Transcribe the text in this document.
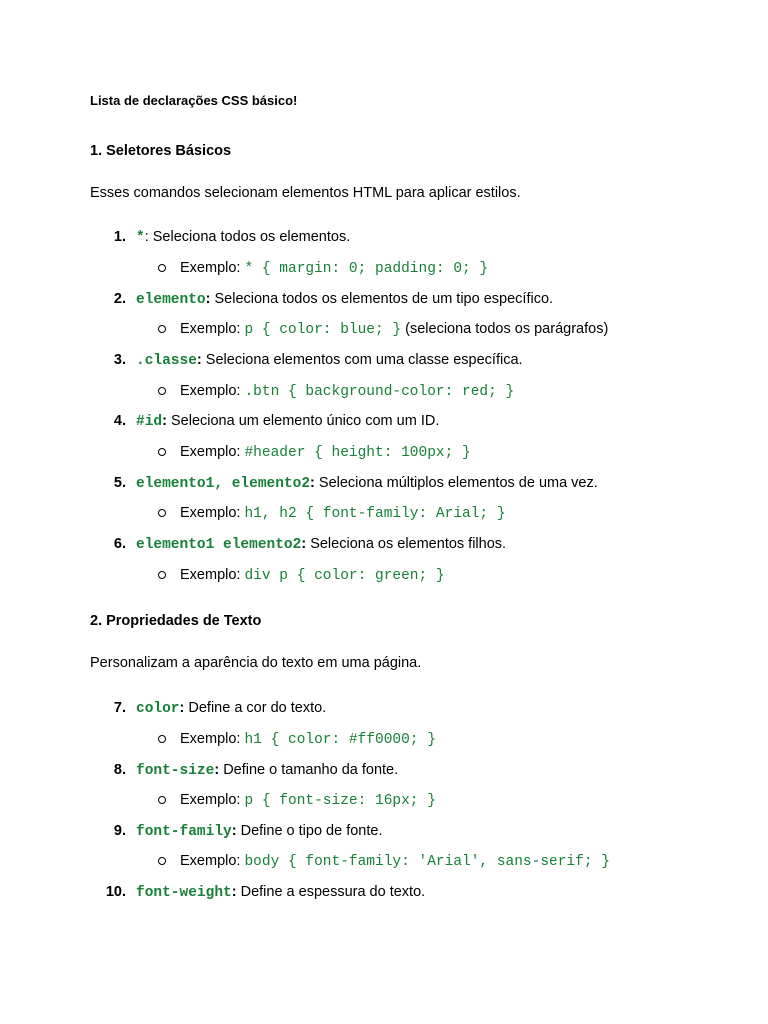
Lista de declarações CSS básico!

1. Seletores Básicos

Esses comandos selecionam elementos HTML para aplicar estilos.

1. *: Seleciona todos os elementos.
Exemplo: * { margin: 0; padding: 0; }
2. elemento: Seleciona todos os elementos de um tipo específico.
Exemplo: p { color: blue; } (seleciona todos os parágrafos)
3. .classe: Seleciona elementos com uma classe específica.
Exemplo: .btn { background-color: red; }
4. #id: Seleciona um elemento único com um ID.
Exemplo: #header { height: 100px; }
5. elemento1, elemento2: Seleciona múltiplos elementos de uma vez.
Exemplo: h1, h2 { font-family: Arial; }
6. elemento1 elemento2: Seleciona os elementos filhos.
Exemplo: div p { color: green; }

2. Propriedades de Texto

Personalizam a aparência do texto em uma página.

7. color: Define a cor do texto.
Exemplo: h1 { color: #ff0000; }
8. font-size: Define o tamanho da fonte.
Exemplo: p { font-size: 16px; }
9. font-family: Define o tipo de fonte.
Exemplo: body { font-family: 'Arial', sans-serif; }
10. font-weight: Define a espessura do texto.
